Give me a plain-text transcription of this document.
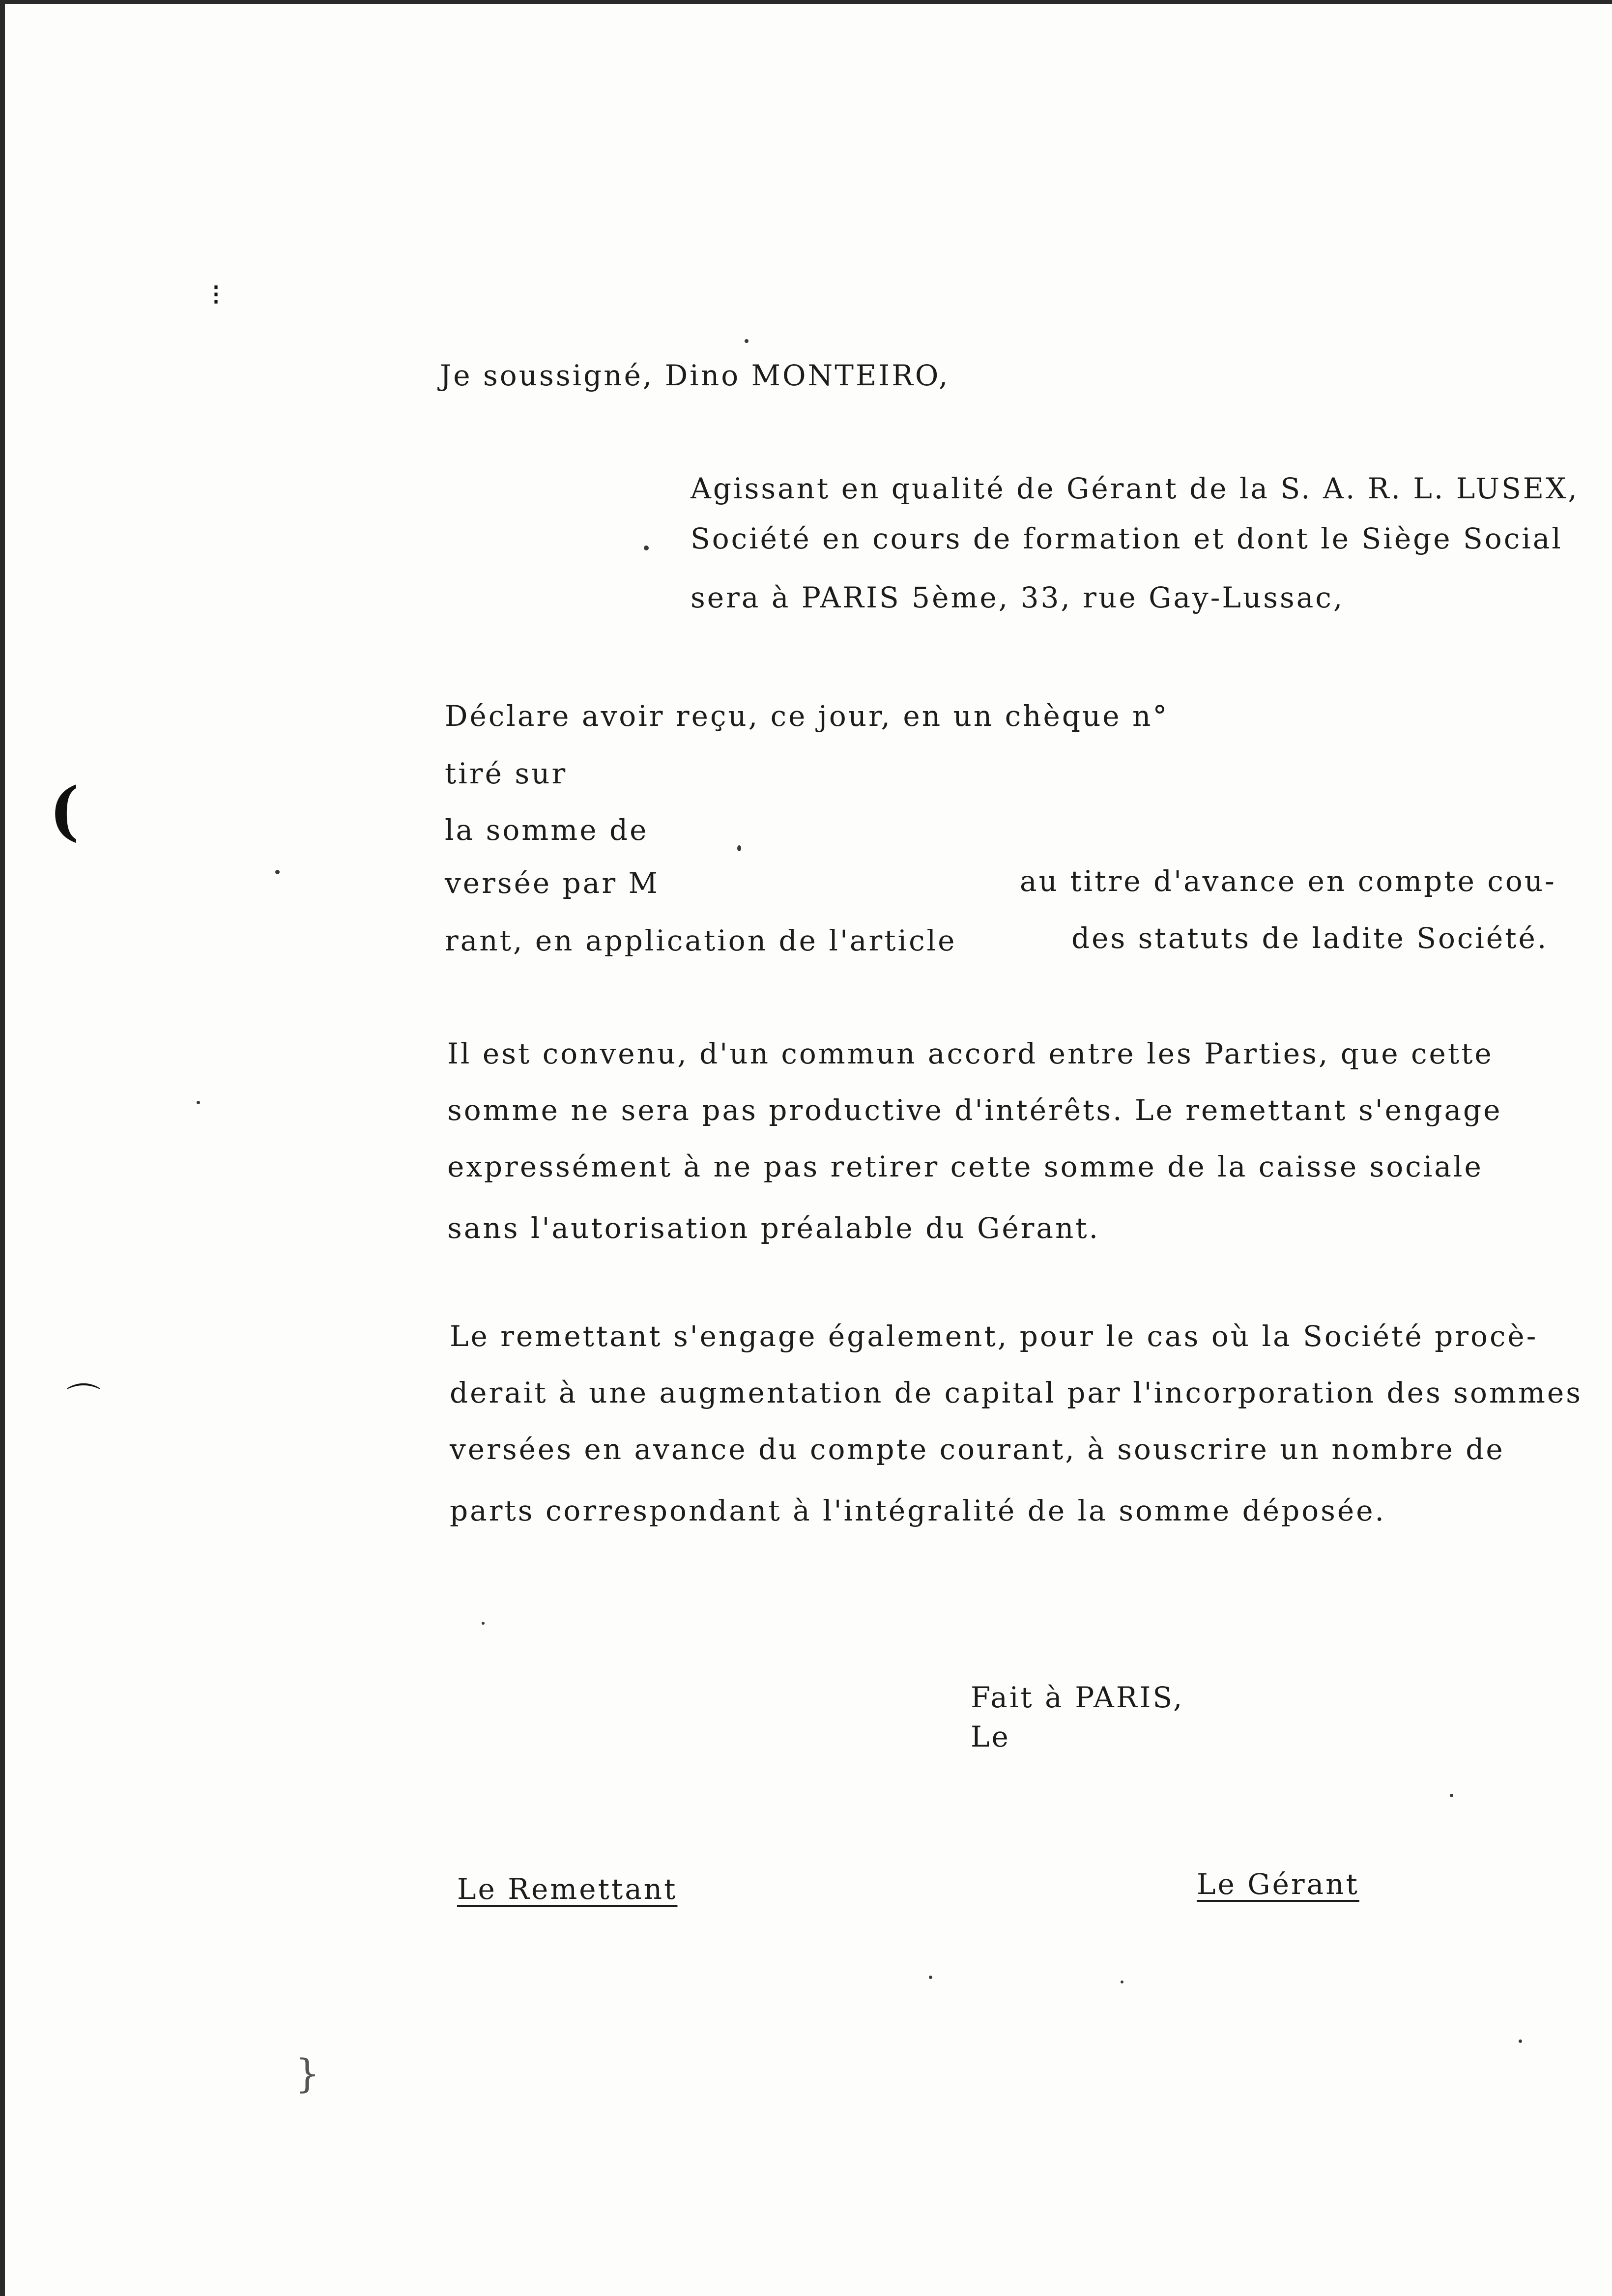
(
⌒
⁝
}
Je soussigné, Dino MONTEIRO,
Agissant en qualité de Gérant de la S. A. R. L. LUSEX,
Société en cours de formation et dont le Siège Social
sera à PARIS 5ème, 33, rue Gay-Lussac,
Déclare avoir reçu, ce jour, en un chèque n°
tiré sur
la somme de
versée par M	au titre d'avance en compte cou-
rant, en application de l'article	des statuts de ladite Société.
Il est convenu, d'un commun accord entre les Parties, que cette
somme ne sera pas productive d'intérêts. Le remettant s'engage
expressément à ne pas retirer cette somme de la caisse sociale
sans l'autorisation préalable du Gérant.
Le remettant s'engage également, pour le cas où la Société procè-
derait à une augmentation de capital par l'incorporation des sommes
versées en avance du compte courant, à souscrire un nombre de
parts correspondant à l'intégralité de la somme déposée.
Fait à PARIS,
Le
Le Remettant	Le Gérant
